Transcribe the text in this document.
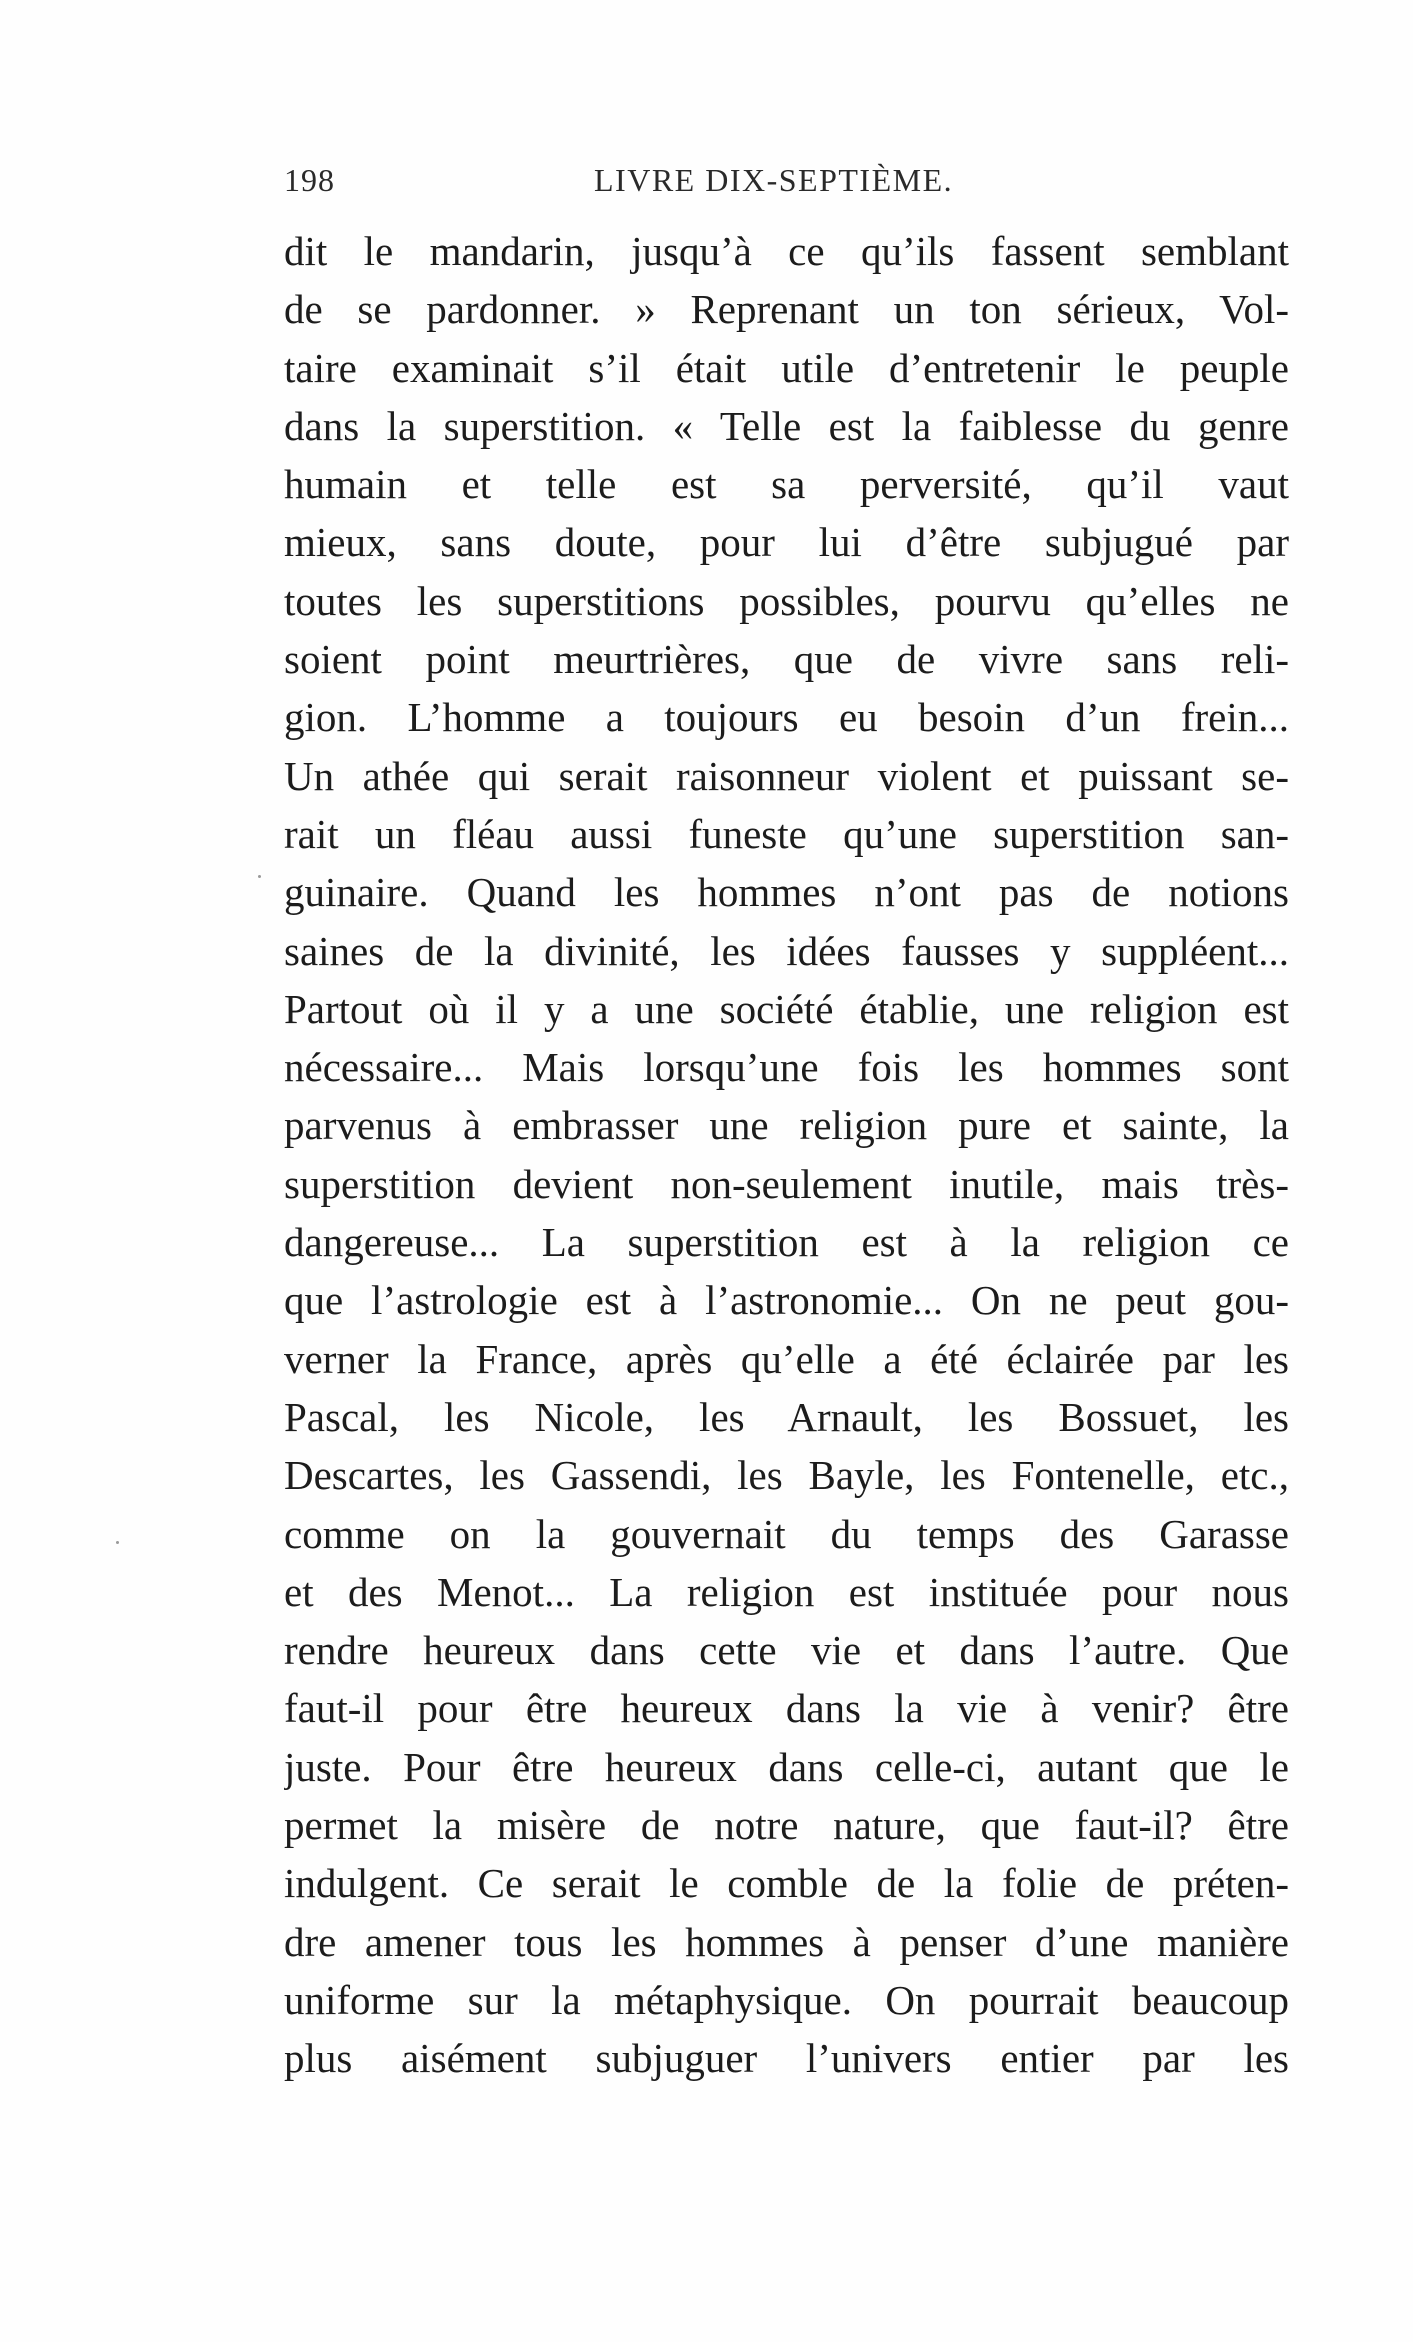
198	LIVRE DIX-SEPTIÈME.
dit le mandarin, jusqu’à ce qu’ils fassent semblant
de se pardonner. » Reprenant un ton sérieux, Vol-
taire examinait s’il était utile d’entretenir le peuple
dans la superstition. « Telle est la faiblesse du genre
humain et telle est sa perversité, qu’il vaut
mieux, sans doute, pour lui d’être subjugué par
toutes les superstitions possibles, pourvu qu’elles ne
soient point meurtrières, que de vivre sans reli-
gion. L’homme a toujours eu besoin d’un frein...
Un athée qui serait raisonneur violent et puissant se-
rait un fléau aussi funeste qu’une superstition san-
guinaire. Quand les hommes n’ont pas de notions
saines de la divinité, les idées fausses y suppléent...
Partout où il y a une société établie, une religion est
nécessaire... Mais lorsqu’une fois les hommes sont
parvenus à embrasser une religion pure et sainte, la
superstition devient non-seulement inutile, mais très-
dangereuse... La superstition est à la religion ce
que l’astrologie est à l’astronomie... On ne peut gou-
verner la France, après qu’elle a été éclairée par les
Pascal, les Nicole, les Arnault, les Bossuet, les
Descartes, les Gassendi, les Bayle, les Fontenelle, etc.,
comme on la gouvernait du temps des Garasse
et des Menot... La religion est instituée pour nous
rendre heureux dans cette vie et dans l’autre. Que
faut-il pour être heureux dans la vie à venir? être
juste. Pour être heureux dans celle-ci, autant que le
permet la misère de notre nature, que faut-il? être
indulgent. Ce serait le comble de la folie de préten-
dre amener tous les hommes à penser d’une manière
uniforme sur la métaphysique. On pourrait beaucoup
plus aisément subjuguer l’univers entier par les
